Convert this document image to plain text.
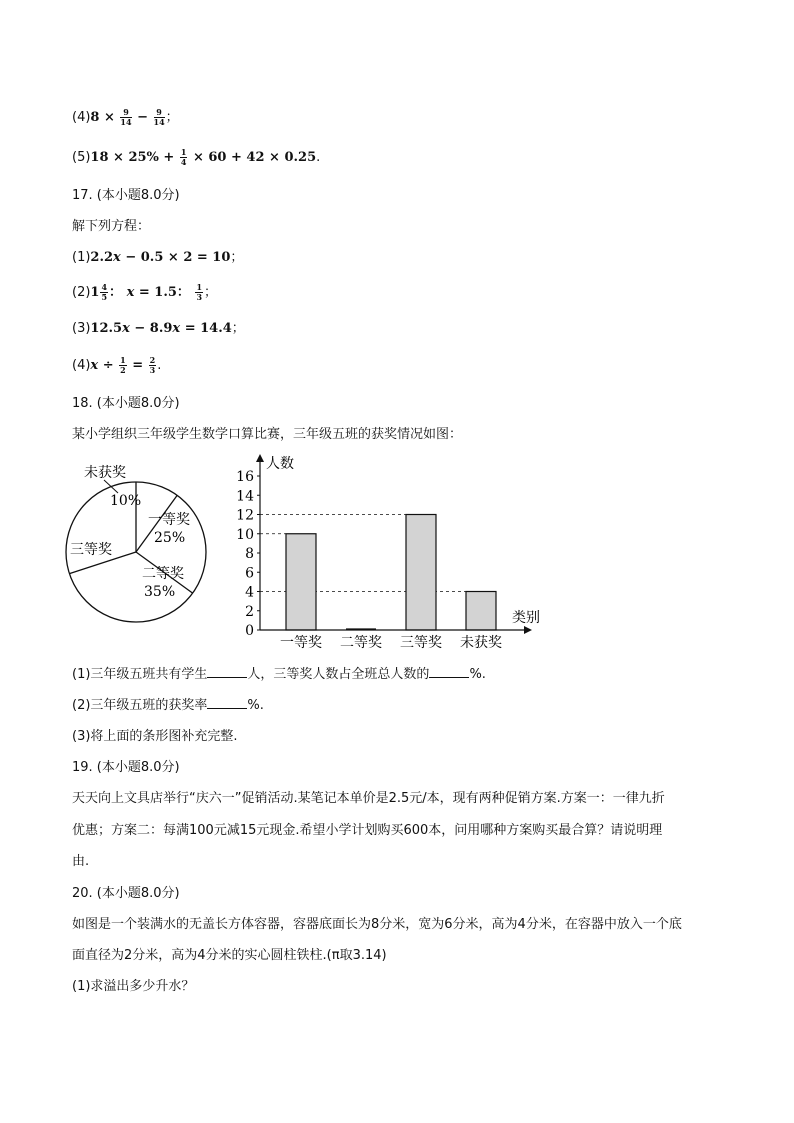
$(4)8 \times \frac{9}{14} - \frac{9}{14}$ ；
$(5)18 \times 25\% + \frac{1}{4} \times 60 + 42 \times 0.25$.
17. (本小题8.0分)
解下列方程：
(1)2.2x − 0.5 × 2 = 10；
$(2)1 \frac{4}{5}$ ： x = 1.5： $\frac{1}{3}$ ；
(3)12.5x − 8.9x = 14.4；
$(4)x \div \frac{1}{2} = \frac{2}{3}$ .
18. (本小题8.0分)
某小学组织三年级学生数学口算比赛，三年级五班的获奖情况如图：
未获奖
10%
一等奖
25%
二等奖
35%
三等奖
0
2
4
6
8
10
12
14
16
一等奖 二等奖 三等奖 未获奖
人数
类别
(1)三年级五班共有学生	人，三等奖人数占全班总人数的	%.
(2)三年级五班的获奖率	%.
(3)将上面的条形图补充完整.
19. (本小题8.0分)
天天向上文具店举行“庆六一”促销活动.某笔记本单价是2.5元/本，现有两种促销方案.方案一：一律九折
优惠；方案二：每满100元减15元现金.希望小学计划购买600本，问用哪种方案购买最合算？请说明理
由.
20. (本小题8.0分)
如图是一个装满水的无盖长方体容器，容器底面长为8分米，宽为6分米，高为4分米，在容器中放入一个底
面直径为2分米，高为4分米的实心圆柱铁柱.(π取3.14)
(1)求溢出多少升水？
